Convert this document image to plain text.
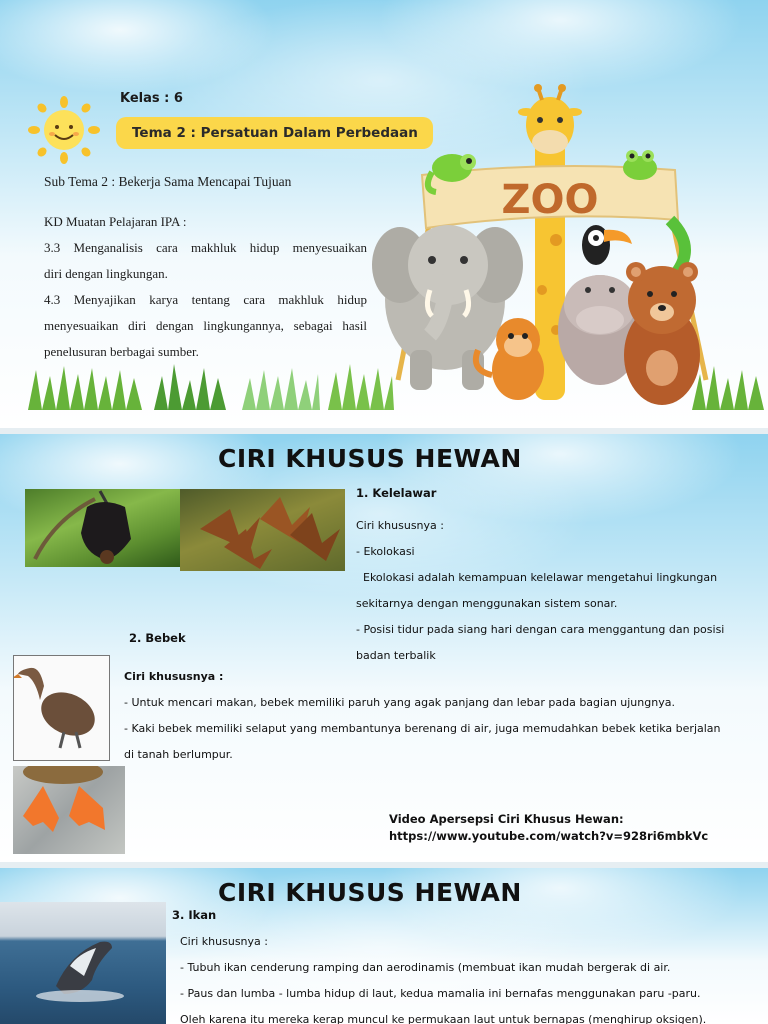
Kelas : 6
Tema 2 : Persatuan Dalam Perbedaan
Sub Tema 2 : Bekerja Sama Mencapai Tujuan
KD Muatan Pelajaran IPA :
3.3 Menganalisis cara makhluk hidup menyesuaikan
diri dengan lingkungan.
4.3 Menyajikan karya tentang cara makhluk hidup
menyesuaikan diri dengan lingkungannya, sebagai hasil
penelusuran berbagai sumber.
ZOO
CIRI KHUSUS HEWAN
1. Kelelawar
Ciri khususnya :
- Ekolokasi
Ekolokasi adalah kemampuan kelelawar mengetahui lingkungan
sekitarnya dengan menggunakan sistem sonar.
- Posisi tidur pada siang hari dengan cara menggantung dan posisi
badan terbalik
2. Bebek
Ciri khususnya :
- Untuk mencari makan, bebek memiliki paruh yang agak panjang dan lebar pada bagian ujungnya.
- Kaki bebek memiliki selaput yang membantunya berenang di air, juga memudahkan bebek ketika berjalan
di tanah berlumpur.
Video Apersepsi Ciri Khusus Hewan:
https://www.youtube.com/watch?v=928ri6mbkVc
CIRI KHUSUS HEWAN
3. Ikan
Ciri khususnya :
- Tubuh ikan cenderung ramping dan aerodinamis (membuat ikan mudah bergerak di air.
- Paus dan lumba - lumba hidup di laut, kedua mamalia ini bernafas menggunakan paru -paru.
Oleh karena itu mereka kerap muncul ke permukaan laut untuk bernapas (menghirup oksigen).
